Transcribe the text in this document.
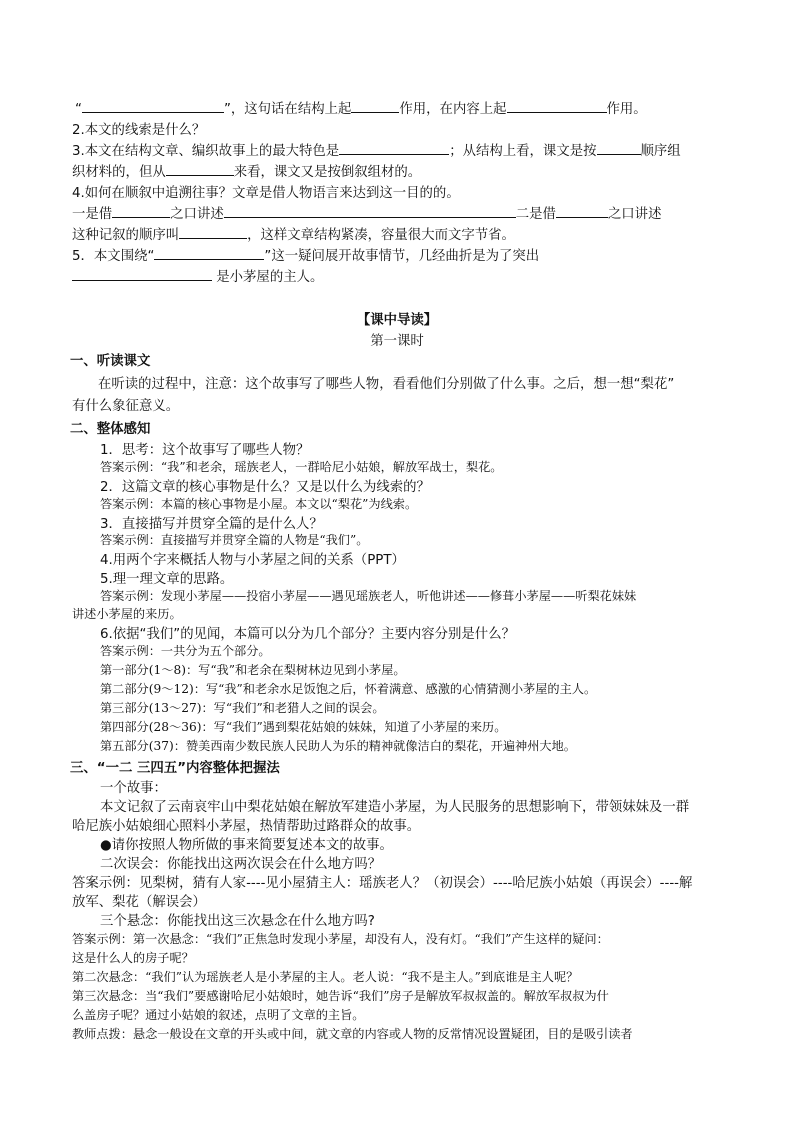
“	”，这句话在结构上起	作用，在内容上起	作用。
2.本文的线索是什么？
3.本文在结构文章、编织故事上的最大特色是	；从结构上看，课文是按	顺序组
织材料的，但从	来看，课文又是按倒叙组材的。
4.如何在顺叙中追溯往事？文章是借人物语言来达到这一目的的。
一是借	之口讲述	二是借	之口讲述
这种记叙的顺序叫	，这样文章结构紧凑，容量很大而文字节省。
5．本文围绕“	”这一疑问展开故事情节，几经曲折是为了突出
是小茅屋的主人。
【课中导读】
第一课时
一、听读课文
在听读的过程中，注意：这个故事写了哪些人物，看看他们分别做了什么事。之后，想一想“梨花”
有什么象征意义。
二、整体感知
1．思考：这个故事写了哪些人物？
答案示例：“我”和老余，瑶族老人，一群哈尼小姑娘，解放军战士，梨花。
2．这篇文章的核心事物是什么？又是以什么为线索的？
答案示例：本篇的核心事物是小屋。本文以“梨花”为线索。
3．直接描写并贯穿全篇的是什么人？
答案示例：直接描写并贯穿全篇的人物是“我们”。
4.用两个字来概括人物与小茅屋之间的关系（PPT）
5.理一理文章的思路。
答案示例：发现小茅屋——投宿小茅屋——遇见瑶族老人，听他讲述——修葺小茅屋——听梨花妹妹
讲述小茅屋的来历。
6.依据“我们”的见闻，本篇可以分为几个部分？主要内容分别是什么？
答案示例：一共分为五个部分。
第一部分(1～8)：写“我”和老余在梨树林边见到小茅屋。
第二部分(9～12)：写“我”和老余水足饭饱之后，怀着满意、感激的心情猜测小茅屋的主人。
第三部分(13～27)：写“我们”和老猎人之间的误会。
第四部分(28～36)：写“我们”遇到梨花姑娘的妹妹，知道了小茅屋的来历。
第五部分(37)：赞美西南少数民族人民助人为乐的精神就像洁白的梨花，开遍神州大地。
三、“一二 三四五”内容整体把握法
一个故事：
本文记叙了云南哀牢山中梨花姑娘在解放军建造小茅屋，为人民服务的思想影响下，带领妹妹及一群
哈尼族小姑娘细心照料小茅屋，热情帮助过路群众的故事。
●请你按照人物所做的事来简要复述本文的故事。
二次误会：你能找出这两次误会在什么地方吗？
答案示例：见梨树，猜有人家----见小屋猜主人：瑶族老人？（初误会）----哈尼族小姑娘（再误会）----解
放军、梨花（解误会）
三个悬念：你能找出这三次悬念在什么地方吗?
答案示例：第一次悬念：“我们”正焦急时发现小茅屋，却没有人，没有灯。“我们”产生这样的疑问：
这是什么人的房子呢？
第二次悬念：“我们”认为瑶族老人是小茅屋的主人。老人说：“我不是主人。”到底谁是主人呢？
第三次悬念：当“我们”要感谢哈尼小姑娘时，她告诉“我们”房子是解放军叔叔盖的。解放军叔叔为什
么盖房子呢？通过小姑娘的叙述，点明了文章的主旨。
教师点拨：悬念一般设在文章的开头或中间，就文章的内容或人物的反常情况设置疑团，目的是吸引读者
